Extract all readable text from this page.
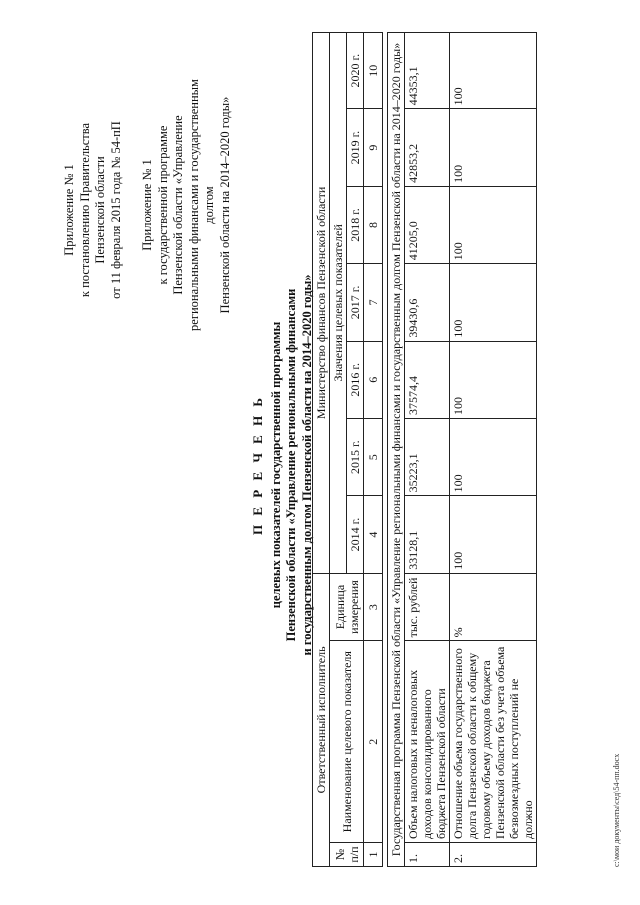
Приложение № 1 к постановлению Правительства Пензенской области от 11 февраля 2015 года № 54-пП Приложение № 1 к государственной программе Пензенской области «Управление региональными финансами и государственным долгом Пензенской области на 2014–2020 годы»
П Е Р Е Ч Е Н Ь целевых показателей государственной программы Пензенской области «Управление региональными финансами и государственным долгом Пензенской области на 2014–2020 годы»
Ответственный исполнитель			Министерство финансов Пензенской области						
№ п/п	Наименование целевого показателя	Единица измерения	Значения целевых показателей						
			2014 г.	2015 г.	2016 г.	2017 г.	2018 г.	2019 г.	2020 г.
1	2	3	4	5	6	7	8	9	10

Государственная программа Пензенской области «Управление региональными финансами и государственным долгом Пензенской области на 2014–2020 годы»									
1.	Объем налоговых и неналоговых доходов консолидированного бюджета Пензенской области	тыс. рублей	33128,1	35223,1	37574,4	39430,6	41205,0	42853,2	44353,1
2.	Отношение объема государственного долга Пензенской области к общему годовому объему доходов бюджета Пензенской области без учета объема безвозмездных поступлений не должно	%	100	100	100	100	100	100	100
c:\мои документы\сед\54-пп.docx
